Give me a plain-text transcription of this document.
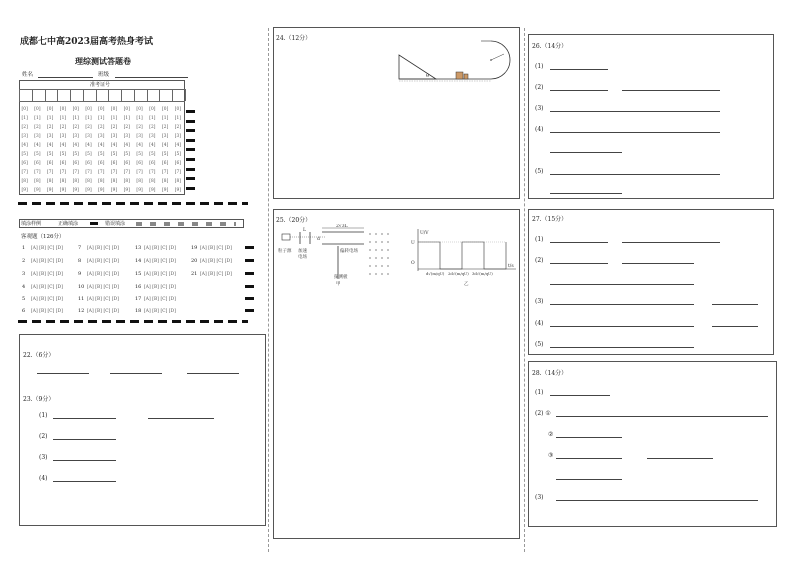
成都七中高2023届高考热身考试
理综测试答题卷
姓名	班级
准考证号
[0] [0] [0] [0] [0] [0] [0] [0] [0] [0] [0] [0] [0]
[1] [1] [1] [1] [1] [1] [1] [1] [1] [1] [1] [1] [1]
[2] [2] [2] [2] [2] [2] [2] [2] [2] [2] [2] [2] [2]
[3] [3] [3] [3] [3] [3] [3] [3] [3] [3] [3] [3] [3]
[4] [4] [4] [4] [4] [4] [4] [4] [4] [4] [4] [4] [4]
[5] [5] [5] [5] [5] [5] [5] [5] [5] [5] [5] [5] [5]
[6] [6] [6] [6] [6] [6] [6] [6] [6] [6] [6] [6] [6]
[7] [7] [7] [7] [7] [7] [7] [7] [7] [7] [7] [7] [7]
[8] [8] [8] [8] [8] [8] [8] [8] [8] [8] [8] [8] [8]
[9] [9] [9] [9] [9] [9] [9] [9] [9] [9] [9] [9] [9]
填涂样例	正确填涂	错误填涂
客观题（126分）
1 [A] [B] [C] [D]
2 [A] [B] [C] [D]
3 [A] [B] [C] [D]
4 [A] [B] [C] [D]
5 [A] [B] [C] [D]
6 [A] [B] [C] [D]
7 [A] [B] [C] [D]
8 [A] [B] [C] [D]
9 [A] [B] [C] [D]
10 [A] [B] [C] [D]
11 [A] [B] [C] [D]
12 [A] [B] [C] [D]
13 [A] [B] [C] [D]
14 [A] [B] [C] [D]
15 [A] [B] [C] [D]
16 [A] [B] [C] [D]
17 [A] [B] [C] [D]
18 [A] [B] [C] [D]
19 [A] [B] [C] [D]
20 [A] [B] [C] [D]
21 [A] [B] [C] [D]
22.（6分）
23.（9分）
(1)
(2)
(3)
(4)
24.（12分）
θ
25.（20分）
粒子源 加速
电场
偏转电场
探测板
甲
L
d
2√3L
U/V
U
O
t/s
d√(m/qU) 2d√(m/qU) 3d√(m/qU)
乙
26.（14分）
(1)
(2)
(3)
(4)
(5)
27.（15分）
(1)
(2)
(3)
(4)
(5)
28.（14分）
(1)
(2) ①
②
③
(3)
